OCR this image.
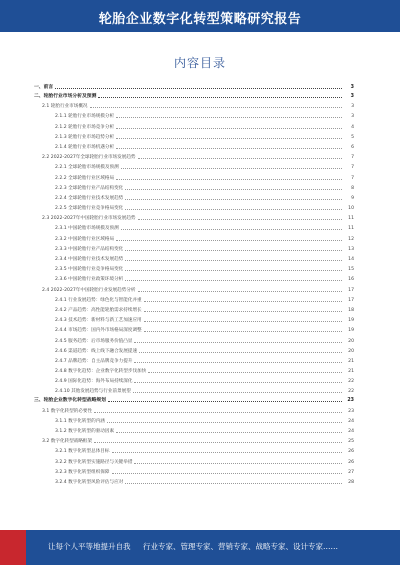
轮胎企业数字化转型策略研究报告
内容目录
一、前言	3
二、轮胎行业市场分析及预测	3
2.1 轮胎行业市场概况	3
2.1.1 轮胎行业市场规模分析	3
2.1.2 轮胎行业市场竞争分析	4
2.1.3 轮胎行业市场趋势分析	5
2.1.4 轮胎行业市场机遇分析	6
2.2 2022-2027年全球轮胎行业市场发展趋势	7
2.2.1 全球轮胎市场规模及预测	7
2.2.2 全球轮胎行业区域格局	7
2.2.3 全球轮胎行业产品结构变化	8
2.2.4 全球轮胎行业技术发展趋势	9
2.2.5 全球轮胎行业竞争格局变化	10
2.3 2022-2027年中国轮胎行业市场发展趋势	11
2.3.1 中国轮胎市场规模及预测	11
2.3.2 中国轮胎行业区域格局	12
2.3.3 中国轮胎行业产品结构变化	13
2.3.4 中国轮胎行业技术发展趋势	14
2.3.5 中国轮胎行业竞争格局变化	15
2.3.6 中国轮胎行业政策环境分析	16
2.4 2022-2027年中国轮胎行业发展趋势分析	17
2.4.1 行业发展趋势：绿色化与智能化并重	17
2.4.2 产品趋势：高性能轮胎需求持续增长	18
2.4.3 技术趋势：新材料与新工艺加速应用	19
2.4.4 市场趋势：国内外市场格局深度调整	19
2.4.5 服务趋势：后市场服务价值凸显	20
2.4.6 渠道趋势：线上线下融合发展提速	20
2.4.7 品牌趋势：自主品牌竞争力提升	21
2.4.8 数字化趋势：企业数字化转型步伐加快	21
2.4.9 国际化趋势：海外布局持续深化	22
2.4.10 其他发展趋势与行业前景展望	22
三、轮胎企业数字化转型战略规划	23
3.1 数字化转型的必要性	23
3.1.1 数字化转型的内涵	24
3.1.2 数字化转型的驱动因素	24
3.2 数字化转型战略框架	25
3.2.1 数字化转型总体目标	26
3.2.2 数字化转型实施路径与关键举措	26
3.2.3 数字化转型组织保障	27
3.2.4 数字化转型风险评估与应对	28
让每个人平等地提升自我 行业专家、管理专家、营销专家、战略专家、设计专家……
